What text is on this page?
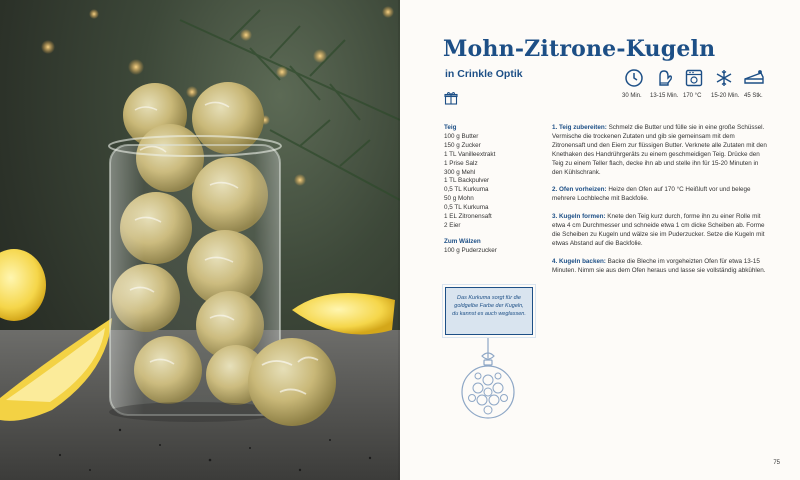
Mohn-Zitrone-Kugeln
in Crinkle Optik
30 Min. 13-15 Min. 170 °C 15-20 Min. 45 Stk.
Teig
100 g Butter
150 g Zucker
1 TL Vanilleextrakt
1 Prise Salz
300 g Mehl
1 TL Backpulver
0,5 TL Kurkuma
50 g Mohn
0,5 TL Kurkuma
1 EL Zitronensaft
2 Eier
Zum Wälzen
100 g Puderzucker
1. Teig zubereiten: Schmelz die Butter und fülle sie in eine große Schüssel. Vermische die trockenen Zutaten und gib sie gemeinsam mit dem Zitronensaft und den Eiern zur flüssigen Butter. Verknete alle Zutaten mit den Knethaken des Handrührgeräts zu einem geschmeidigen Teig. Drücke den Teig zu einem Teller flach, decke ihn ab und stelle ihn für 15-20 Minuten in den Kühlschrank.
2. Ofen vorheizen: Heize den Ofen auf 170 °C Heißluft vor und belege mehrere Lochbleche mit Backfolie.
3. Kugeln formen: Knete den Teig kurz durch, forme ihn zu einer Rolle mit etwa 4 cm Durchmesser und schneide etwa 1 cm dicke Scheiben ab. Forme die Scheiben zu Kugeln und wälze sie im Puderzucker. Setze die Kugeln mit etwas Abstand auf die Backfolie.
4. Kugeln backen: Backe die Bleche im vorgeheizten Ofen für etwa 13-15 Minuten. Nimm sie aus dem Ofen heraus und lasse sie vollständig abkühlen.
Das Kurkuma sorgt für die goldgelbe Farbe der Kugeln, du kannst es auch weglassen.
75
